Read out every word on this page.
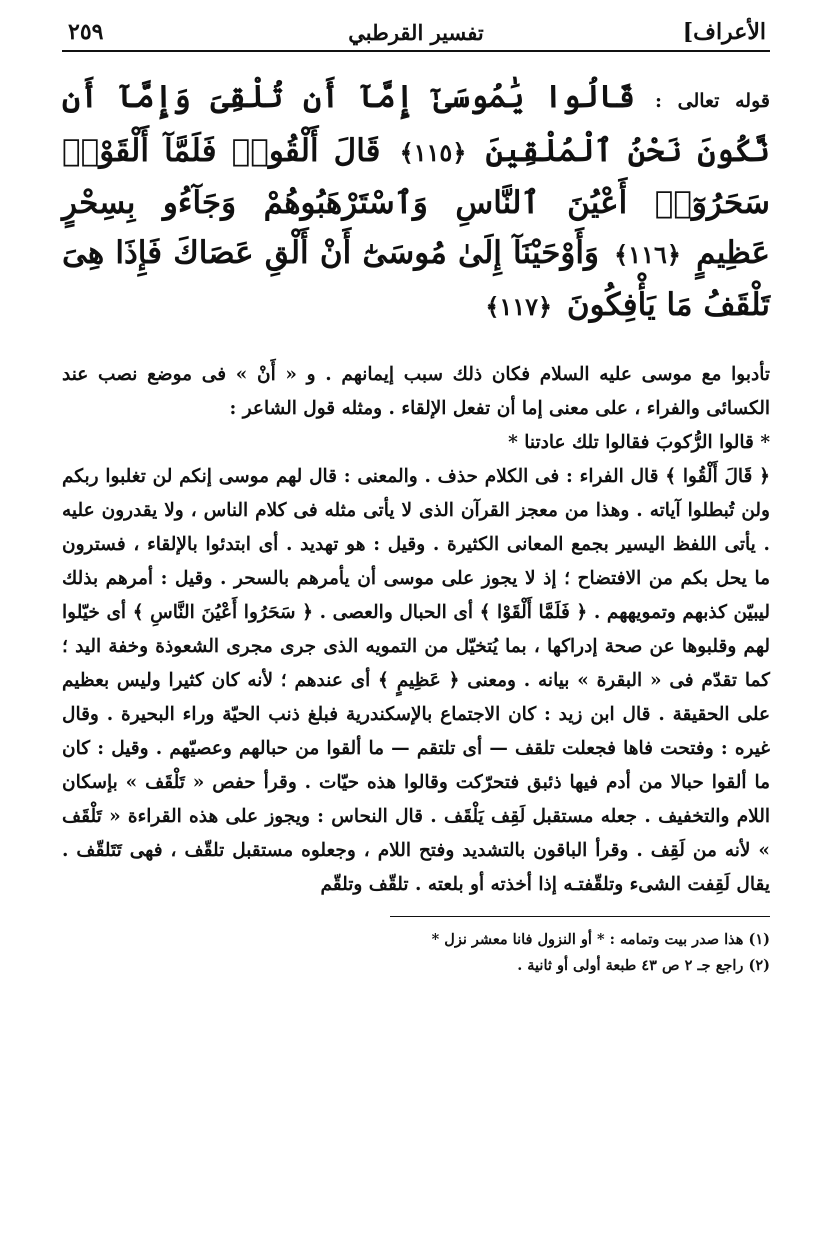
الأعراف]
تفسير القرطبي
٢٥٩
قوله تعالى : قَالُوا يَٰمُوسَىٰٓ إِمَّآ أَن تُلْقِىَ وَإِمَّآ أَن نَّكُونَ نَحْنُ ٱلْمُلْقِينَ ﴿١١٥﴾ قَالَ أَلْقُوا۟ فَلَمَّآ أَلْقَوْا۟ سَحَرُوٓا۟ أَعْيُنَ ٱلنَّاسِ وَٱسْتَرْهَبُوهُمْ وَجَآءُو بِسِحْرٍ عَظِيمٍ ﴿١١٦﴾ وَأَوْحَيْنَآ إِلَىٰ مُوسَىٰٓ أَنْ أَلْقِ عَصَاكَ فَإِذَا هِىَ تَلْقَفُ مَا يَأْفِكُونَ ﴿١١٧﴾

تأدبوا مع موسى عليه السلام فكان ذلك سبب إيمانهم . و « أَنْ » فى موضع نصب عند الكسائى والفراء ، على معنى إما أن تفعل الإلقاء . ومثله قول الشاعر :

* قالوا الرُّكوبَ فقالوا تلك عادتنا *

﴿ قَالَ أَلْقُوا ﴾ قال الفراء : فى الكلام حذف . والمعنى : قال لهم موسى إنكم لن تغلبوا ربكم ولن تُبطلوا آياته . وهذا من معجز القرآن الذى لا يأتى مثله فى كلام الناس ، ولا يقدرون عليه . يأتى اللفظ اليسير بجمع المعانى الكثيرة . وقيل : هو تهديد . أى ابتدئوا بالإلقاء ، فسترون ما يحل بكم من الافتضاح ؛ إذ لا يجوز على موسى أن يأمرهم بالسحر . وقيل : أمرهم بذلك ليبيّن كذبهم وتمويههم . ﴿ فَلَمَّا أَلْقَوْا ﴾ أى الحبال والعصى . ﴿ سَحَرُوا أَعْيُنَ النَّاسِ ﴾ أى خيّلوا لهم وقلبوها عن صحة إدراكها ، بما يُتخيّل من التمويه الذى جرى مجرى الشعوذة وخفة اليد ؛ كما تقدّم فى « البقرة » بيانه . ومعنى ﴿ عَظِيمٍ ﴾ أى عندهم ؛ لأنه كان كثيرا وليس بعظيم على الحقيقة . قال ابن زيد : كان الاجتماع بالإسكندرية فبلغ ذنب الحيّة وراء البحيرة . وقال غيره : وفتحت فاها فجعلت تلقف — أى تلتقم — ما ألقوا من حبالهم وعصيّهم . وقيل : كان ما ألقوا حبالا من أدم فيها ذئبق فتحرّكت وقالوا هذه حيّات . وقرأ حفص « تَلْقَف » بإسكان اللام والتخفيف . جعله مستقبل لَقِف يَلْقَف . قال النحاس : ويجوز على هذه القراءة « تَلْقَف » لأنه من لَقِف . وقرأ الباقون بالتشديد وفتح اللام ، وجعلوه مستقبل تلقّف ، فهى تَتَلقّف . يقال لَقِفت الشىء وتلقّفتـه إذا أخذته أو بلعته . تلقّف وتلقّم

(١) هذا صدر بيت وتمامه : * أو النزول فانا معشر نزل *
(٢) راجع جـ ٢ ص ٤٣ طبعة أولى أو ثانية .
